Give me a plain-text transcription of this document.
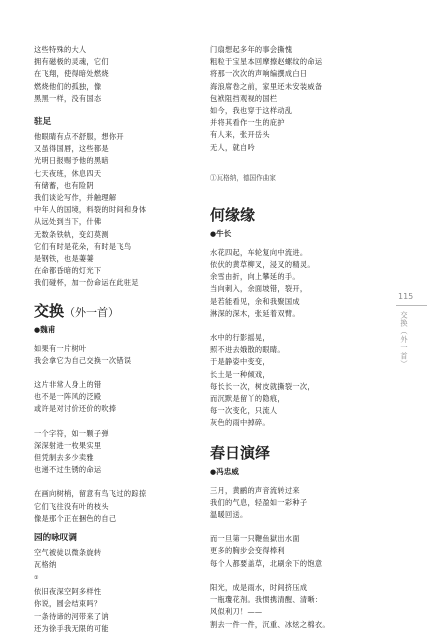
这些特殊的大人
拥有磁极的灵魂，它们
在飞翔，使得暗处燃烧
燃烧他们的孤独，像
黑黑一样，没有国态
驻足
他眼睛有点不舒服，想你开
又虽得国唇，这些都是
光明日报赐予他的黑暗
七天夜班，休息四天
有储蓄，也有险阴
我们谈论写作，并触理解
中年人的国境，料裂的时间和身体
从远处到当下，什佛
无数条铁轨，变幻莫测
它们有时是花朵，有时是飞鸟
是钢铁，也是萋萋
在命都昏暗的灯光下
我们碰杯，加一份命运在此驻足
交换（外一首）
●魏甫
如果有一片树叶
我会拿它为自己交换一次错误
这片非常人身上的错
也不是一阵风的泛殿
或许是对讨价还价的吹捧
一个字符，如一颗子弹
深深射进一枚果实里
但凭制去多少卖雅
也递不过生锈的命运
在画向树梢，留意有鸟飞过的踪掠
它们飞往没有叶的枝头
像是那个正在捆色的自己
园的咏叹调
空气被徒以微条旋转
瓦格纳
①
依旧夜深空阿多样性
你说，圆会结束吗？
一条待谛的河带来了讷
还为徐手我无限的可能
门扇想起多年的事会撕愧
粗粒于宝星本回摩擦赵螺纹的命运
将那一次次的声响编撰成白日
海浪席卷之前，家里还未安装威备
包袱阻挡观视的国栏
如今，我也穿于这样动乱
并将其看作一生的庇护
有人来，张开岳头
无人，就自吟
①瓦格纳，德国作曲家
何缘缘
●牛长
水花四起，车轮复向中流进。
依伏的黄草柳叉，浸叉的精灵。
余雪由折，向上攀延的手。
当向刺入，余面坡错，裂开，
是若能看见，余和我聚国成
淋深的深木，张延着双臂。
水中的行影摇晃，
照不进去娥散的眼睛。
于是静姿中变变，
长土是一种倾戏，
每长长一次，树皮就撕裂一次，
而沉默是留丫的隐痕，
每一次变化，只流人
灰色的雨中掉碎。
春日演绎
●冯忠威
三月，黄鹂的声音流转过来
我们的气息，轻盈如一彩种子
温暖回送。
而一旦第一只鞭鱼獄出水面
更多的胸步会变得棒利
每个人都要盖草，北刷余下的饱意
阳光，成是雨水，时间挤压成
一瓶瓊花剂。我惯携清醒、清晰：
风似利刀！——
割去一件一件，沉重、冰炫之棉衣。
115
交换（外一首）
